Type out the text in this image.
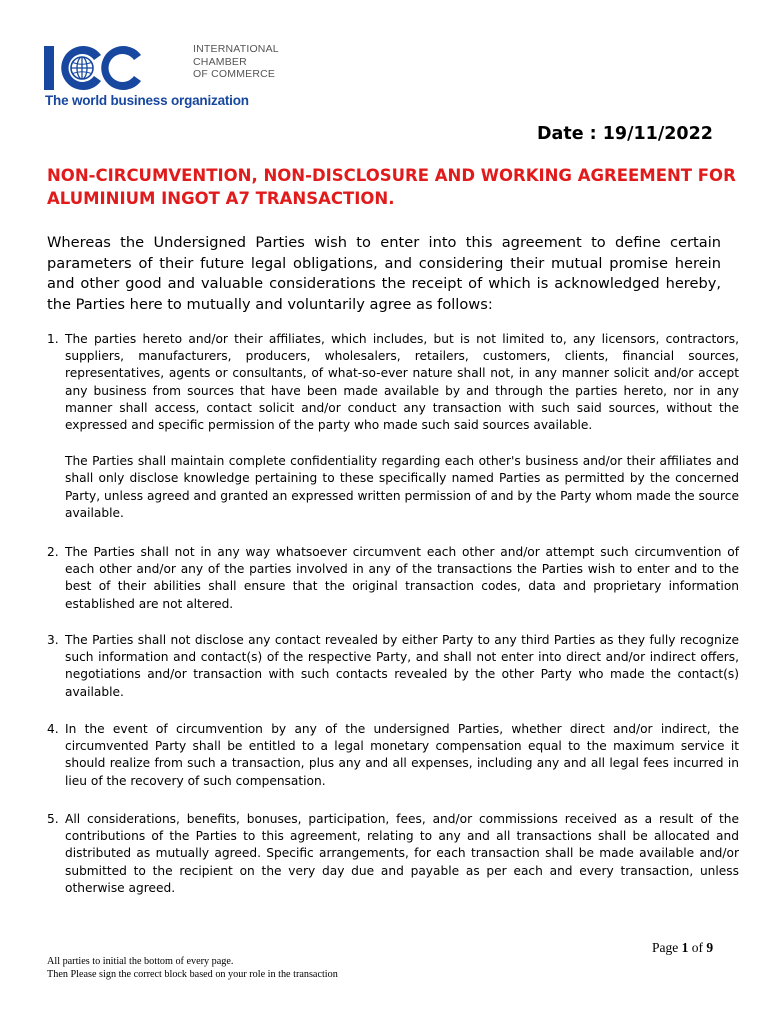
INTERNATIONAL
CHAMBER
OF COMMERCE
The world business organization
Date : 19/11/2022
NON-CIRCUMVENTION, NON-DISCLOSURE AND WORKING AGREEMENT FOR
ALUMINIUM INGOT A7 TRANSACTION.
Whereas the Undersigned Parties wish to enter into this agreement to define certain parameters of their future legal obligations, and considering their mutual promise herein and other good and valuable considerations the receipt of which is acknowledged hereby, the Parties here to mutually and voluntarily agree as follows:
1. The parties hereto and/or their affiliates, which includes, but is not limited to, any licensors, contractors, suppliers, manufacturers, producers, wholesalers, retailers, customers, clients, financial sources, representatives, agents or consultants, of what-so-ever nature shall not, in any manner solicit and/or accept any business from sources that have been made available by and through the parties hereto, nor in any manner shall access, contact solicit and/or conduct any transaction with such said sources, without the expressed and specific permission of the party who made such said sources available.

The Parties shall maintain complete confidentiality regarding each other's business and/or their affiliates and shall only disclose knowledge pertaining to these specifically named Parties as permitted by the concerned Party, unless agreed and granted an expressed written permission of and by the Party whom made the source available.

2. The Parties shall not in any way whatsoever circumvent each other and/or attempt such circumvention of each other and/or any of the parties involved in any of the transactions the Parties wish to enter and to the best of their abilities shall ensure that the original transaction codes, data and proprietary information established are not altered.

3. The Parties shall not disclose any contact revealed by either Party to any third Parties as they fully recognize such information and contact(s) of the respective Party, and shall not enter into direct and/or indirect offers, negotiations and/or transaction with such contacts revealed by the other Party who made the contact(s) available.

4. In the event of circumvention by any of the undersigned Parties, whether direct and/or indirect, the circumvented Party shall be entitled to a legal monetary compensation equal to the maximum service it should realize from such a transaction, plus any and all expenses, including any and all legal fees incurred in lieu of the recovery of such compensation.

5. All considerations, benefits, bonuses, participation, fees, and/or commissions received as a result of the contributions of the Parties to this agreement, relating to any and all transactions shall be allocated and distributed as mutually agreed. Specific arrangements, for each transaction shall be made available and/or submitted to the recipient on the very day due and payable as per each and every transaction, unless otherwise agreed.

Page 1 of 9
All parties to initial the bottom of every page.
Then Please sign the correct block based on your role in the transaction
